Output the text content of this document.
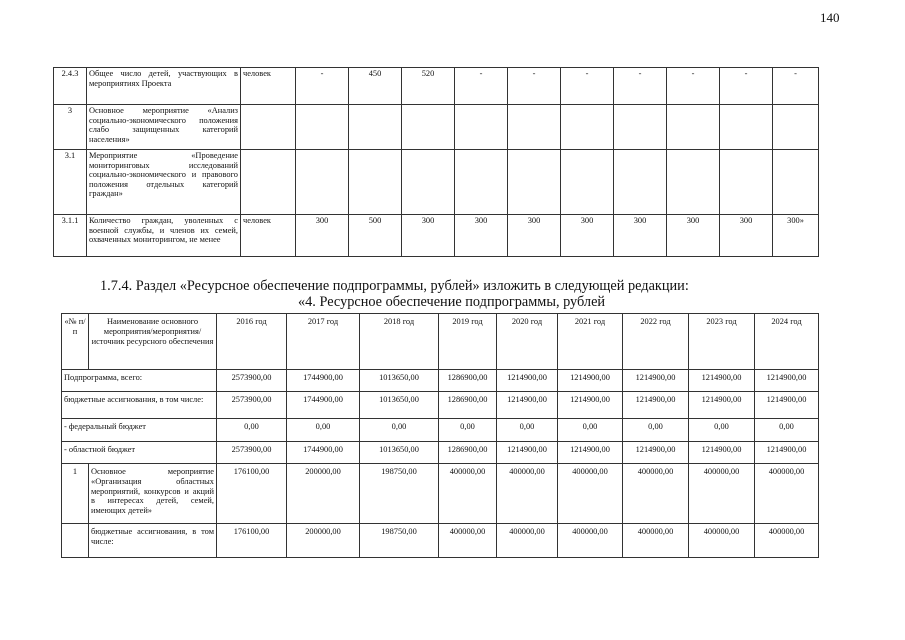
140
2.4.3	Общее число детей, участвующих в мероприятиях Проекта	человек	-	450	520	-	-	-	-	-	-	-
3	Основное мероприятие «Анализ социально-экономического положения слабо защищенных категорий населения»											
3.1	Мероприятие «Проведение мониторинговых исследований социально-экономического и правового положения отдельных категорий граждан»											
3.1.1	Количество граждан, уволенных с военной службы, и членов их семей, охваченных мониторингом, не менее	человек	300	500	300	300	300	300	300	300	300	300»
1.7.4. Раздел «Ресурсное обеспечение подпрограммы, рублей» изложить в следующей редакции:
«4. Ресурсное обеспечение подпрограммы, рублей
«№ п/п	Наименование основного мероприятия/мероприятия/источник ресурсного обеспечения	2016 год	2017 год	2018 год	2019 год	2020 год	2021 год	2022 год	2023 год	2024 год
Подпрограмма, всего:		2573900,00	1744900,00	1013650,00	1286900,00	1214900,00	1214900,00	1214900,00	1214900,00	1214900,00
бюджетные ассигнования, в том числе:		2573900,00	1744900,00	1013650,00	1286900,00	1214900,00	1214900,00	1214900,00	1214900,00	1214900,00
- федеральный бюджет		0,00	0,00	0,00	0,00	0,00	0,00	0,00	0,00	0,00
- областной бюджет		2573900,00	1744900,00	1013650,00	1286900,00	1214900,00	1214900,00	1214900,00	1214900,00	1214900,00
1	Основное мероприятие «Организация областных мероприятий, конкурсов и акций в интересах детей, семей, имеющих детей»	176100,00	200000,00	198750,00	400000,00	400000,00	400000,00	400000,00	400000,00	400000,00
	бюджетные ассигнования, в том числе:	176100,00	200000,00	198750,00	400000,00	400000,00	400000,00	400000,00	400000,00	400000,00
